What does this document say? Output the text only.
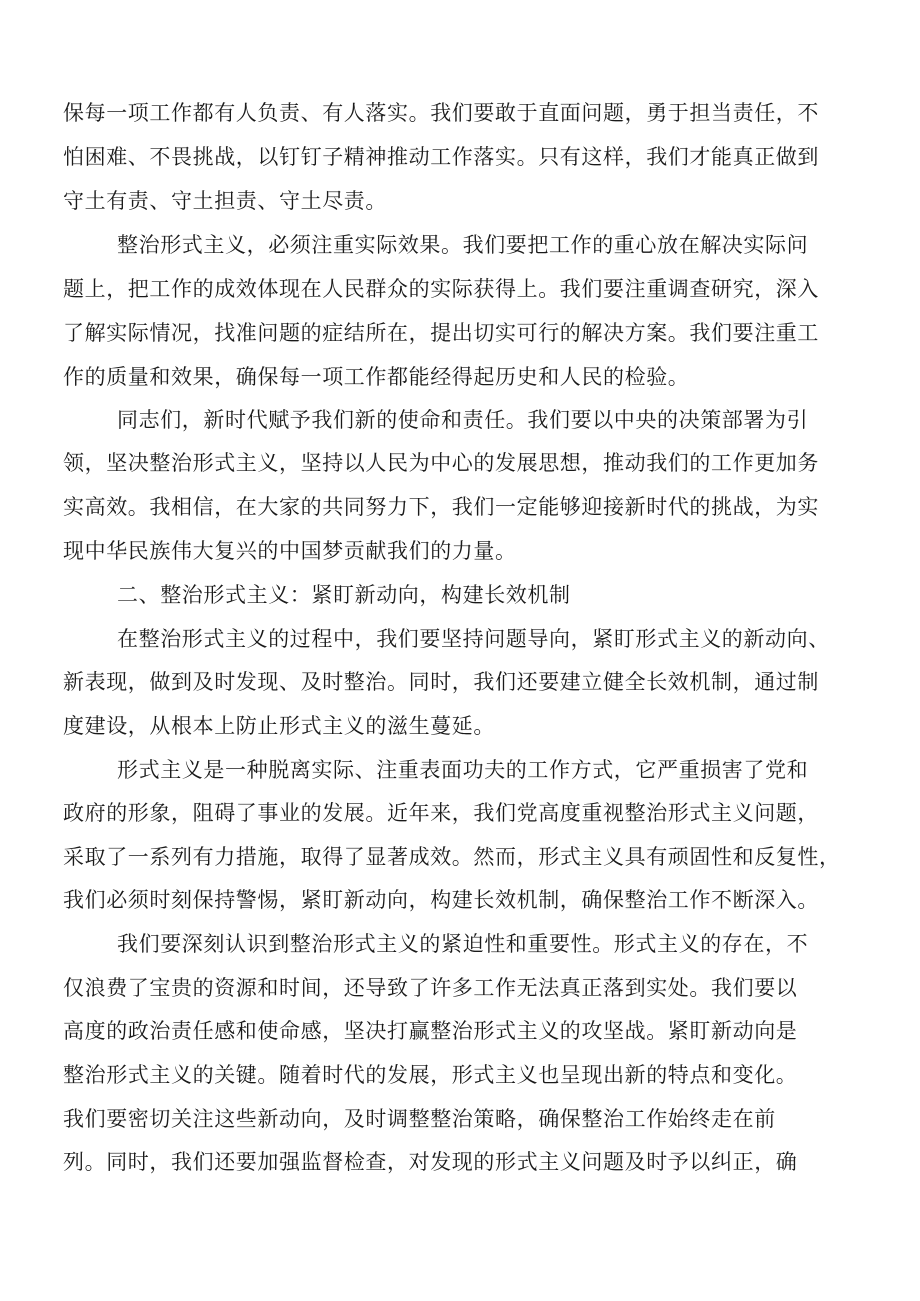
保每一项工作都有人负责、有人落实。我们要敢于直面问题，勇于担当责任，不
怕困难、不畏挑战，以钉钉子精神推动工作落实。只有这样，我们才能真正做到
守土有责、守土担责、守土尽责。
整治形式主义，必须注重实际效果。我们要把工作的重心放在解决实际问
题上，把工作的成效体现在人民群众的实际获得上。我们要注重调查研究，深入
了解实际情况，找准问题的症结所在，提出切实可行的解决方案。我们要注重工
作的质量和效果，确保每一项工作都能经得起历史和人民的检验。
同志们，新时代赋予我们新的使命和责任。我们要以中央的决策部署为引
领，坚决整治形式主义，坚持以人民为中心的发展思想，推动我们的工作更加务
实高效。我相信，在大家的共同努力下，我们一定能够迎接新时代的挑战，为实
现中华民族伟大复兴的中国梦贡献我们的力量。
二、整治形式主义：紧盯新动向，构建长效机制
在整治形式主义的过程中，我们要坚持问题导向，紧盯形式主义的新动向、
新表现，做到及时发现、及时整治。同时，我们还要建立健全长效机制，通过制
度建设，从根本上防止形式主义的滋生蔓延。
形式主义是一种脱离实际、注重表面功夫的工作方式，它严重损害了党和
政府的形象，阻碍了事业的发展。近年来，我们党高度重视整治形式主义问题，
采取了一系列有力措施，取得了显著成效。然而，形式主义具有顽固性和反复性，
我们必须时刻保持警惕，紧盯新动向，构建长效机制，确保整治工作不断深入。
我们要深刻认识到整治形式主义的紧迫性和重要性。形式主义的存在，不
仅浪费了宝贵的资源和时间，还导致了许多工作无法真正落到实处。我们要以
高度的政治责任感和使命感，坚决打赢整治形式主义的攻坚战。紧盯新动向是
整治形式主义的关键。随着时代的发展，形式主义也呈现出新的特点和变化。
我们要密切关注这些新动向，及时调整整治策略，确保整治工作始终走在前
列。同时，我们还要加强监督检查，对发现的形式主义问题及时予以纠正，确
